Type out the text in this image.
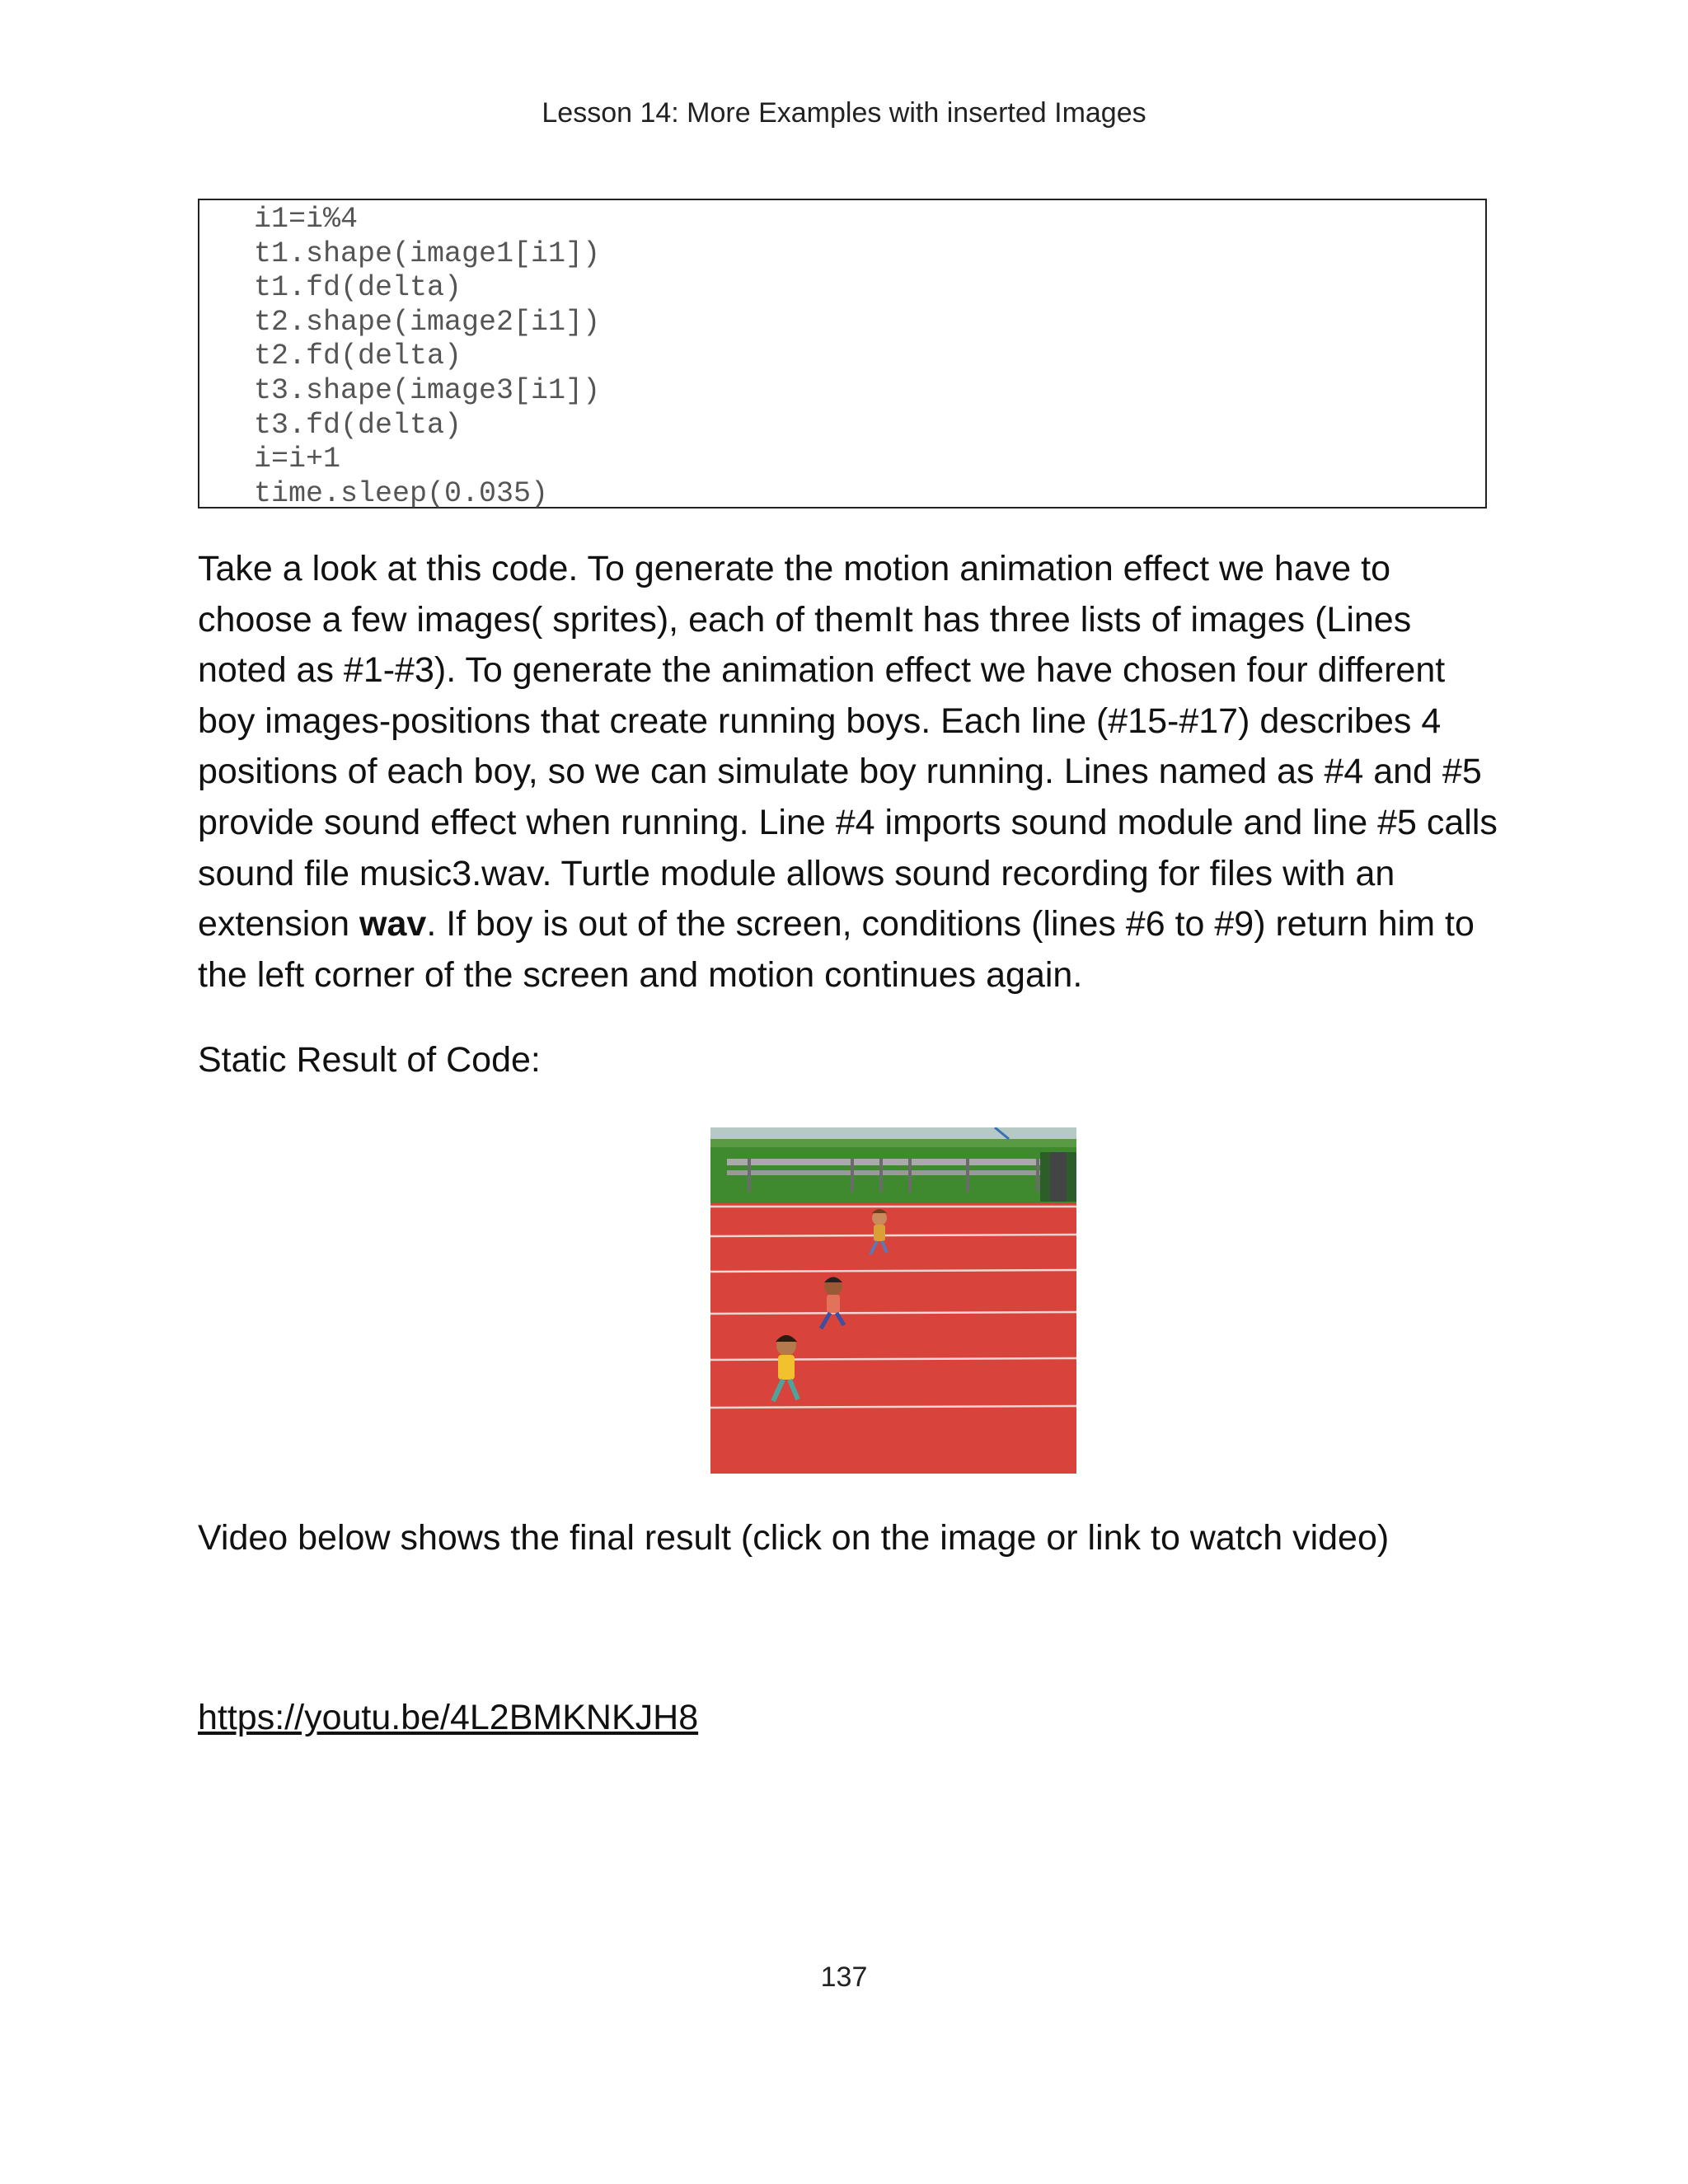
Lesson 14: More Examples with inserted Images
i1=i%4
t1.shape(image1[i1])
t1.fd(delta)
t2.shape(image2[i1])
t2.fd(delta)
t3.shape(image3[i1])
t3.fd(delta)
i=i+1
time.sleep(0.035)

Take a look at this code. To generate the motion animation effect we have to choose a few images( sprites), each of themIt has three lists of images (Lines noted as #1-#3). To generate the animation effect we have chosen four different boy images-positions that create running boys. Each line (#15-#17) describes 4 positions of each boy, so we can simulate boy running. Lines named as #4 and #5 provide sound effect when running. Line #4 imports sound module and line #5 calls sound file music3.wav. Turtle module allows sound recording for files with an extension wav. If boy is out of the screen, conditions (lines #6 to #9) return him to the left corner of the screen and motion continues again.

Static Result of Code:
Video below shows the final result (click on the image or link to watch video)
https://youtu.be/4L2BMKNKJH8
137
